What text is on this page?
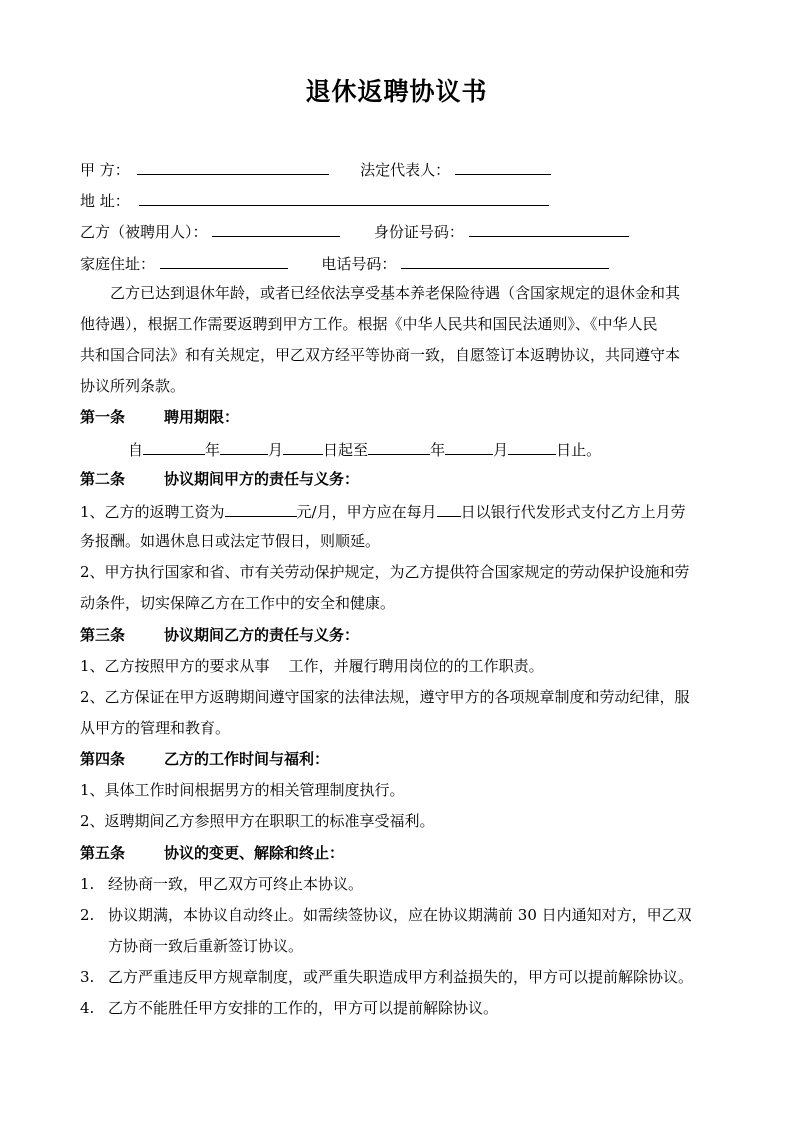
退休返聘协议书
甲 方：	法定代表人：
地 址：
乙方（被聘用人）：	身份证号码：
家庭住址：	电话号码：
乙方已达到退休年龄，或者已经依法享受基本养老保险待遇（含国家规定的退休金和其
他待遇），根据工作需要返聘到甲方工作。根据《中华人民共和国民法通则》、《中华人民
共和国合同法》和有关规定，甲乙双方经平等协商一致，自愿签订本返聘协议，共同遵守本
协议所列条款。
第一条	聘用期限：
自	年	月	日起至	年	月	日止。
第二条	协议期间甲方的责任与义务：
1、乙方的返聘工资为	元/月，甲方应在每月 日以银行代发形式支付乙方上月劳
务报酬。如遇休息日或法定节假日，则顺延。
2、甲方执行国家和省、市有关劳动保护规定，为乙方提供符合国家规定的劳动保护设施和劳
动条件，切实保障乙方在工作中的安全和健康。
第三条	协议期间乙方的责任与义务：
1、乙方按照甲方的要求从事    工作，并履行聘用岗位的的工作职责。
2、乙方保证在甲方返聘期间遵守国家的法律法规，遵守甲方的各项规章制度和劳动纪律，服
从甲方的管理和教育。
第四条	乙方的工作时间与福利：
1、具体工作时间根据男方的相关管理制度执行。
2、返聘期间乙方参照甲方在职职工的标准享受福利。
第五条	协议的变更、解除和终止：
1. 经协商一致，甲乙双方可终止本协议。
2. 协议期满，本协议自动终止。如需续签协议，应在协议期满前 30 日内通知对方，甲乙双
方协商一致后重新签订协议。
3. 乙方严重违反甲方规章制度，或严重失职造成甲方利益损失的，甲方可以提前解除协议。
4. 乙方不能胜任甲方安排的工作的，甲方可以提前解除协议。
